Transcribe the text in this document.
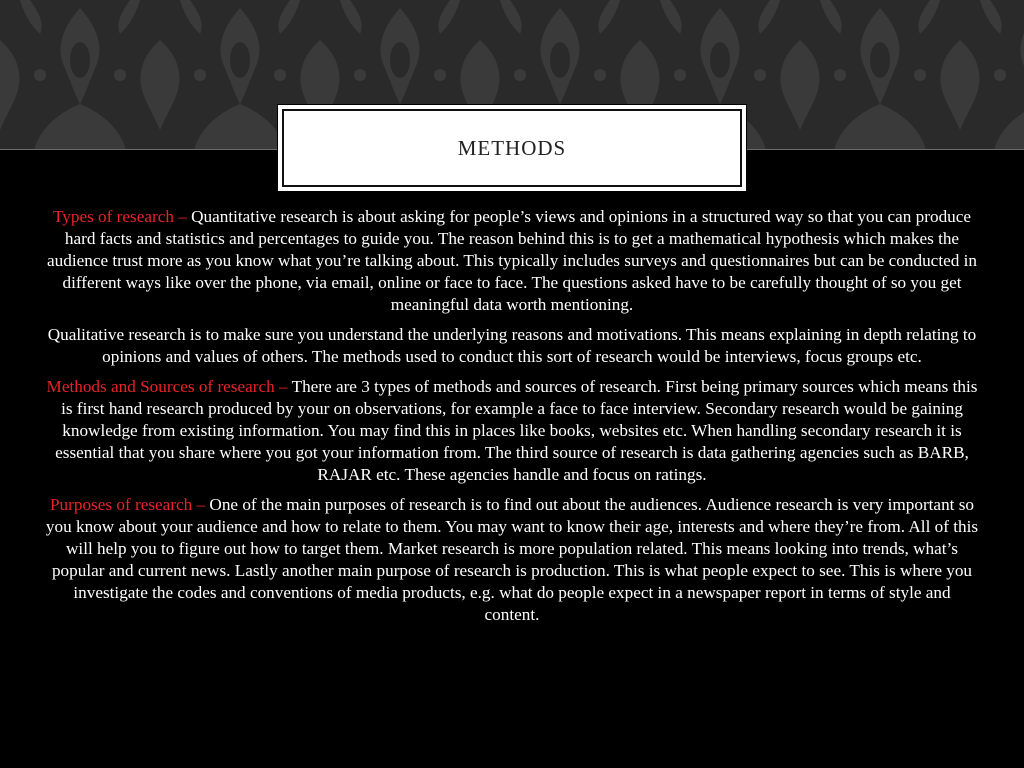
METHODS

Types of research – Quantitative research is about asking for people’s views and opinions in a structured way so that you can produce hard facts and statistics and percentages to guide you. The reason behind this is to get a mathematical hypothesis which makes the audience trust more as you know what you’re talking about. This typically includes surveys and questionnaires but can be conducted in different ways like over the phone, via email, online or face to face. The questions asked have to be carefully thought of so you get meaningful data worth mentioning.

Qualitative research is to make sure you understand the underlying reasons and motivations. This means explaining in depth relating to opinions and values of others. The methods used to conduct this sort of research would be interviews, focus groups etc.

Methods and Sources of research – There are 3 types of methods and sources of research. First being primary sources which means this is first hand research produced by your on observations, for example a face to face interview. Secondary research would be gaining knowledge from existing information. You may find this in places like books, websites etc. When handling secondary research it is essential that you share where you got your information from. The third source of research is data gathering agencies such as BARB, RAJAR etc. These agencies handle and focus on ratings.

Purposes of research – One of the main purposes of research is to find out about the audiences. Audience research is very important so you know about your audience and how to relate to them. You may want to know their age, interests and where they’re from. All of this will help you to figure out how to target them. Market research is more population related. This means looking into trends, what’s popular and current news. Lastly another main purpose of research is production. This is what people expect to see. This is where you investigate the codes and conventions of media products, e.g. what do people expect in a newspaper report in terms of style and content.
